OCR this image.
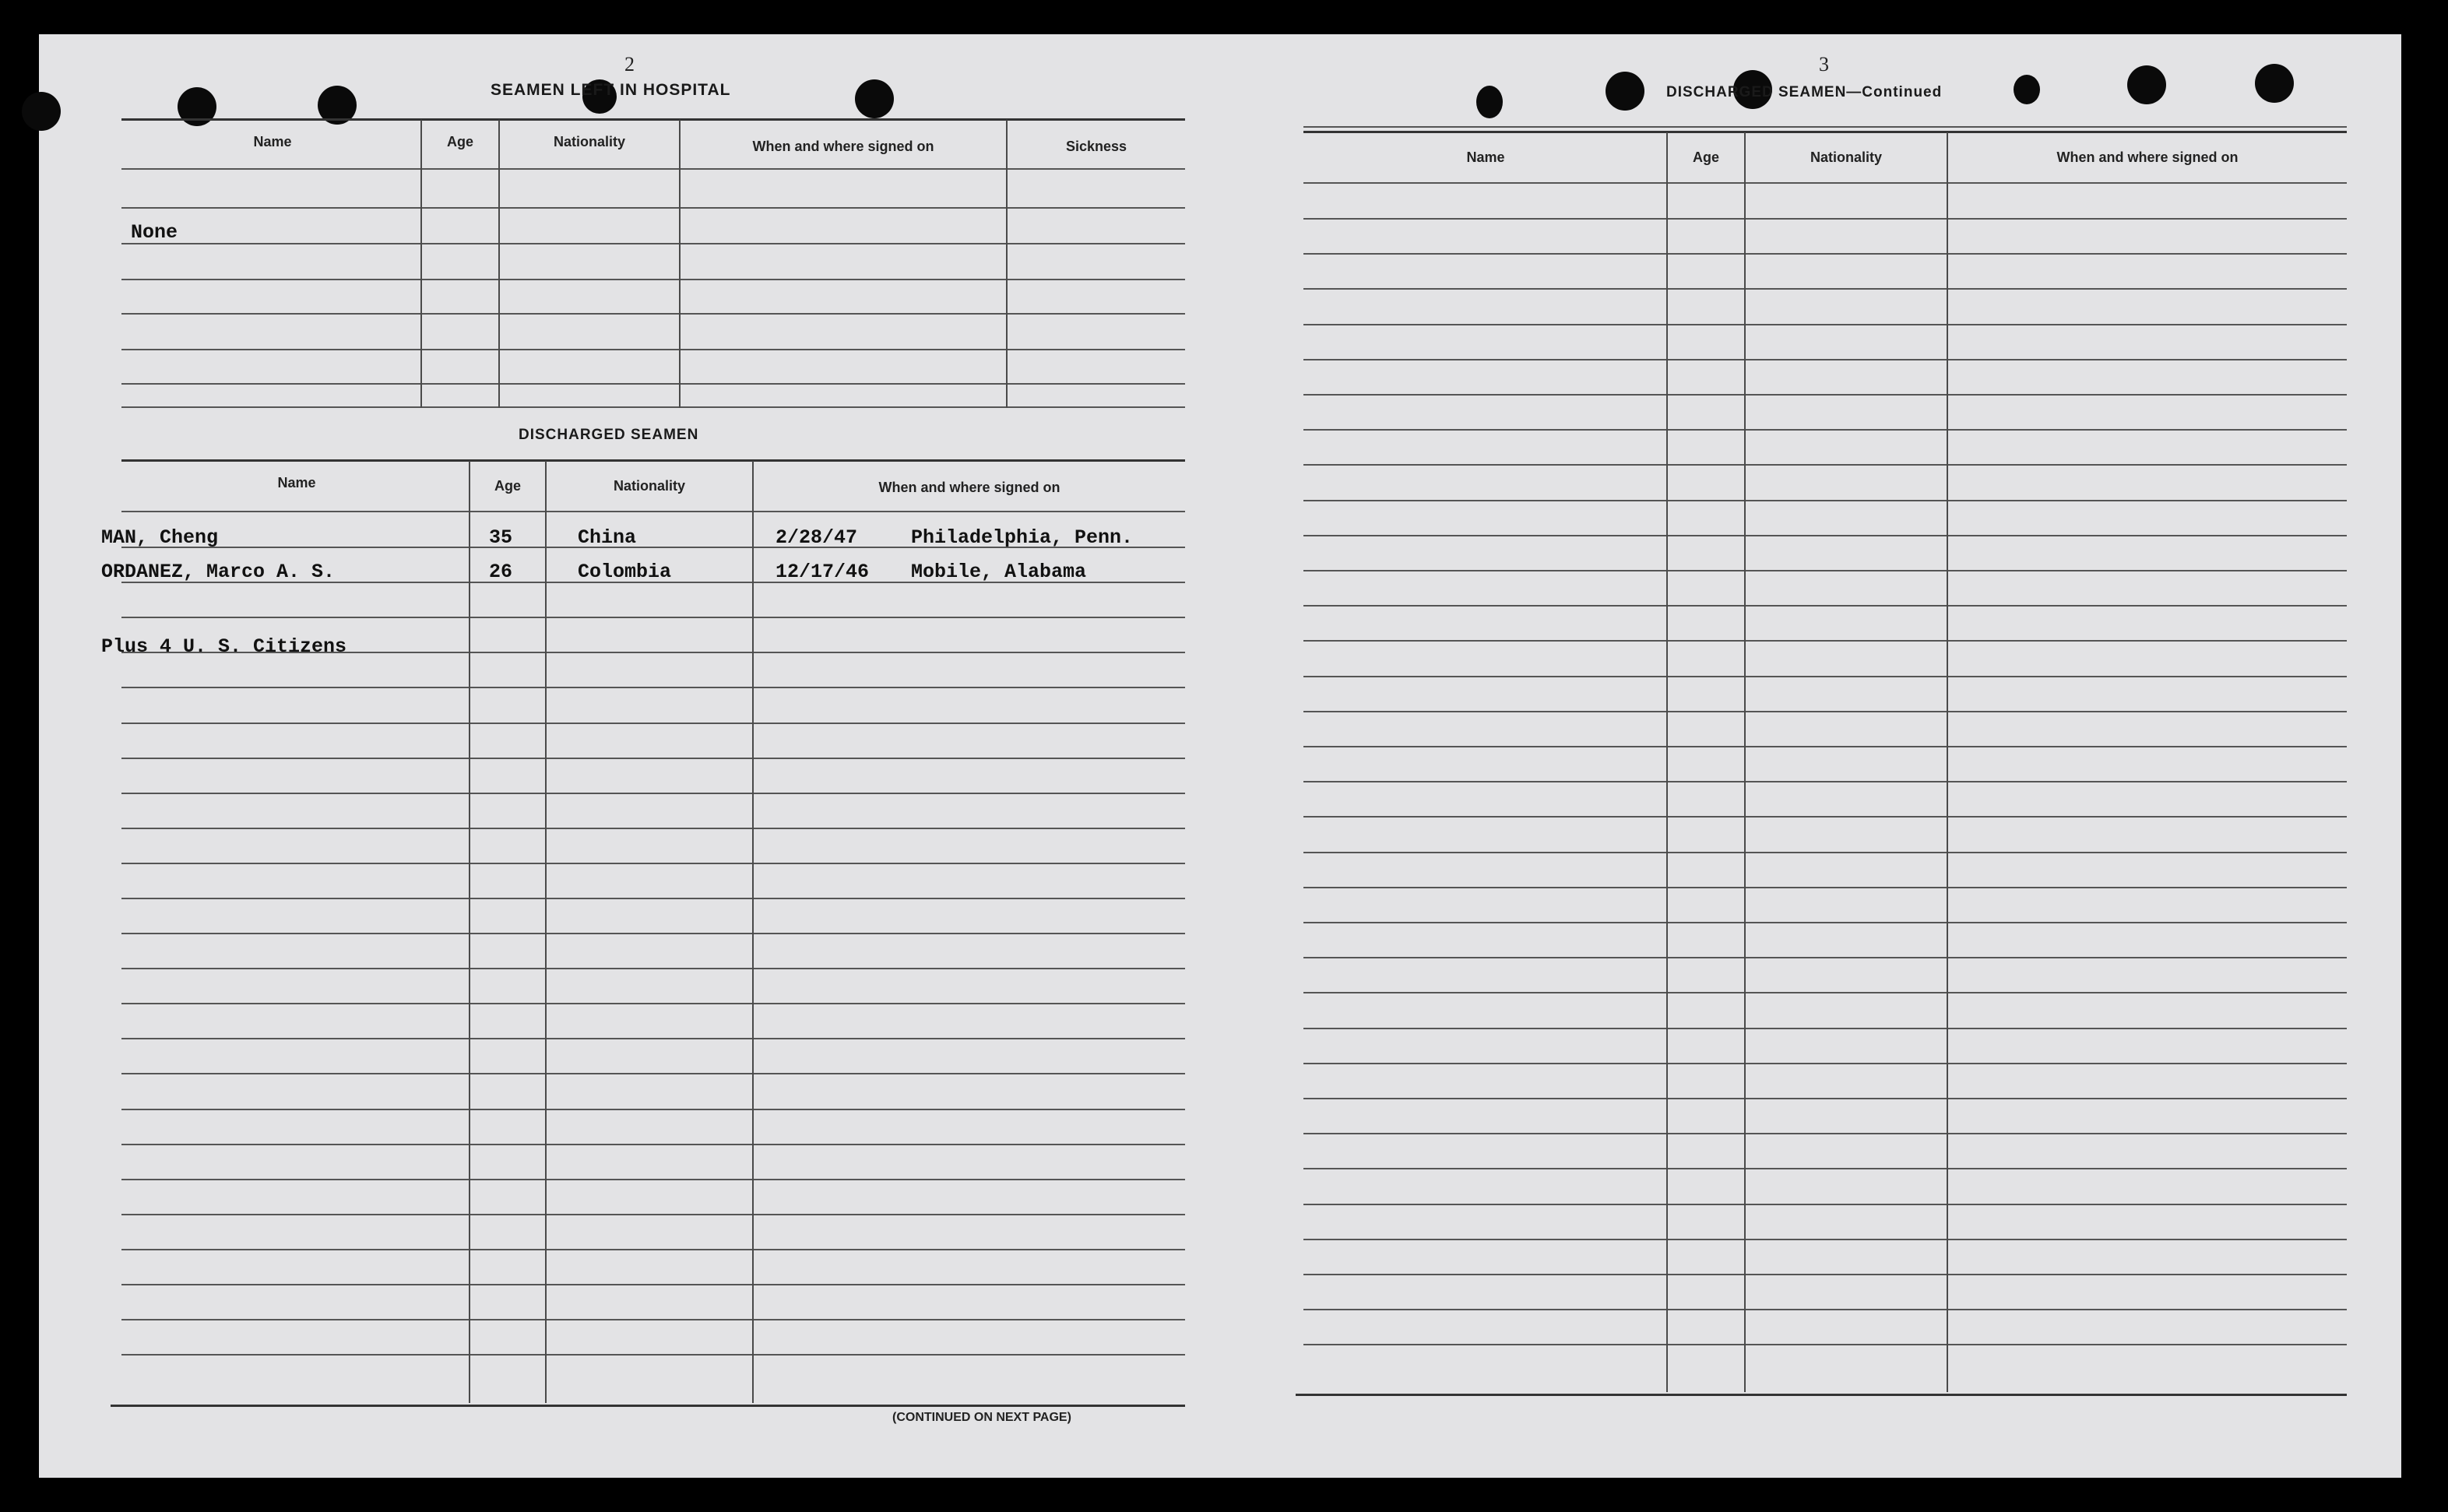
2
SEAMEN LEFT IN HOSPITAL
Name	Age	Nationality	When and where signed on	Sickness
None
DISCHARGED SEAMEN
Name	Age	Nationality	When and where signed on
MAN, Cheng	35	China	2/28/47	Philadelphia, Penn.
ORDANEZ, Marco A. S.	26	Colombia	12/17/46 Mobile, Alabama
Plus 4 U. S. Citizens
(CONTINUED ON NEXT PAGE)
3
DISCHARGED SEAMEN—Continued
Name	Age	Nationality	When and where signed on
